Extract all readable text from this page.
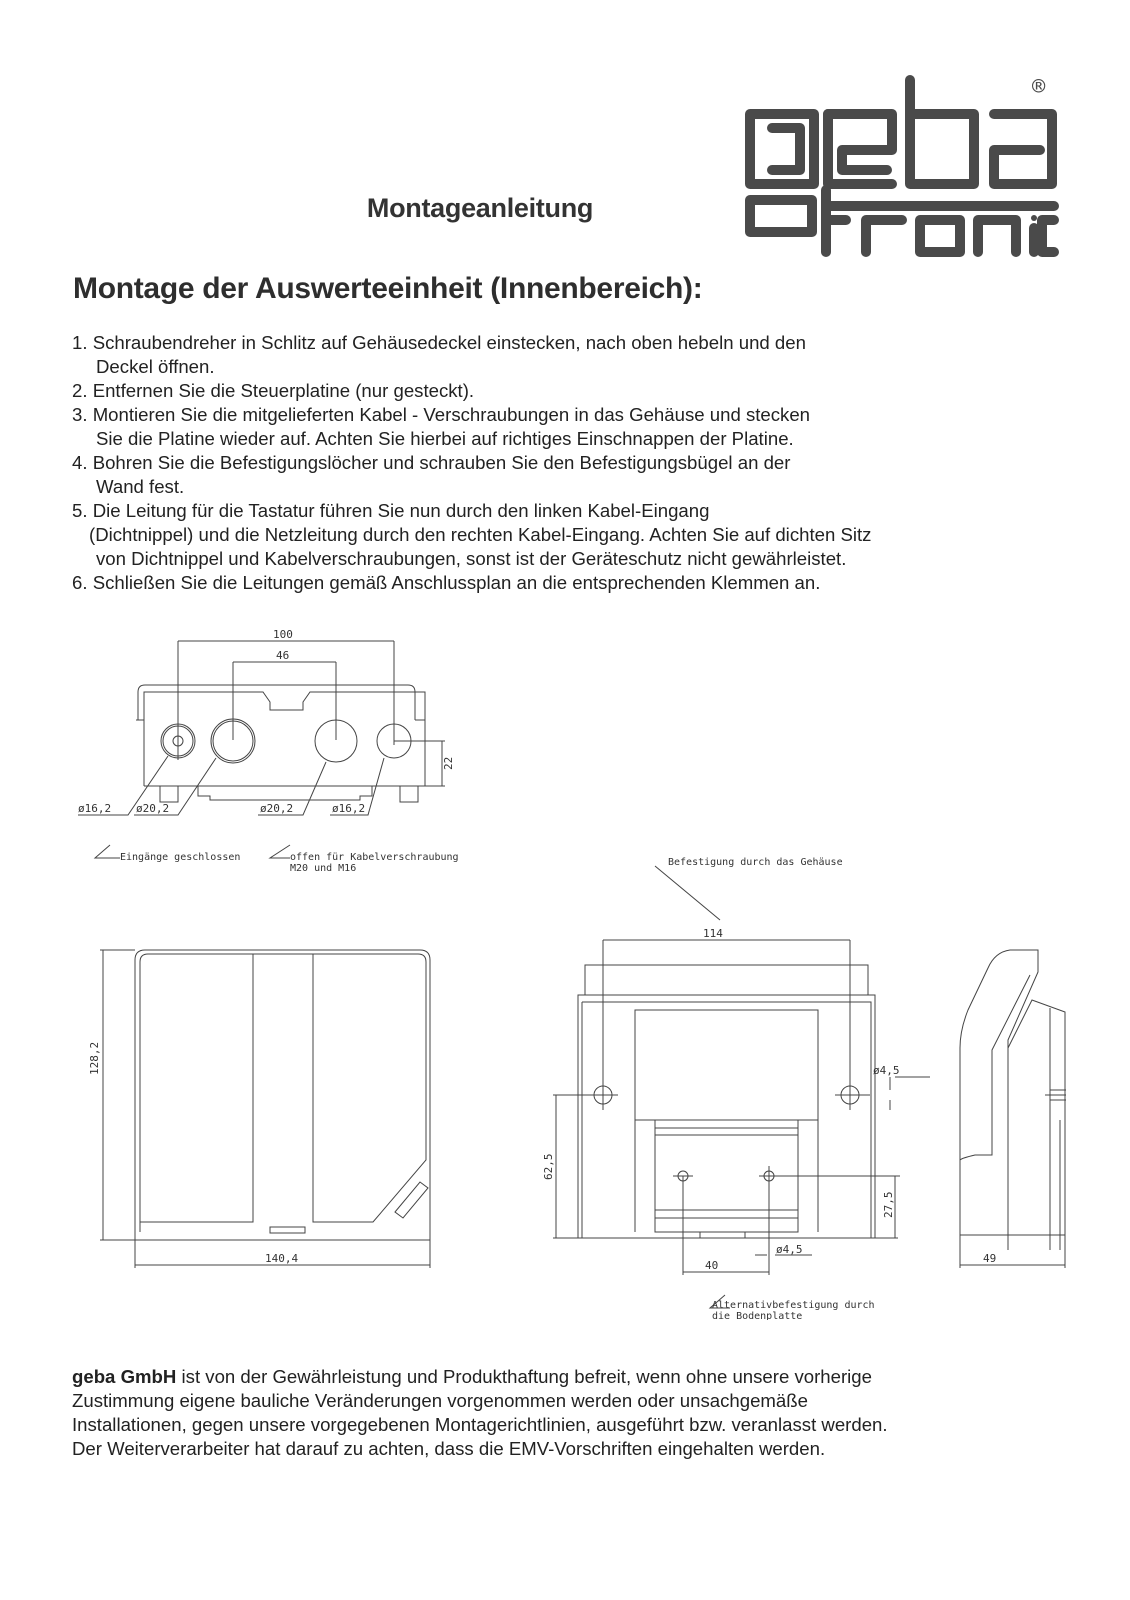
Montageanleitung
®
Montage der Auswerteeinheit (Innenbereich):
1. Schraubendreher in Schlitz auf Gehäusedeckel einstecken, nach oben hebeln und den
Deckel öffnen.
2. Entfernen Sie die Steuerplatine (nur gesteckt).
3. Montieren Sie die mitgelieferten Kabel - Verschraubungen in das Gehäuse und stecken
Sie die Platine wieder auf. Achten Sie hierbei auf richtiges Einschnappen der Platine.
4. Bohren Sie die Befestigungslöcher und schrauben Sie den Befestigungsbügel an der
Wand fest.
5. Die Leitung für die Tastatur führen Sie nun durch den linken Kabel-Eingang
(Dichtnippel) und die Netzleitung durch den rechten Kabel-Eingang. Achten Sie auf dichten Sitz
von Dichtnippel und Kabelverschraubungen, sonst ist der Geräteschutz nicht gewährleistet.
6. Schließen Sie die Leitungen gemäß Anschlussplan an die entsprechenden Klemmen an.
100
46
22
ø16,2 ø20,2	ø20,2	ø16,2
Eingänge geschlossen	offen für Kabelverschraubung
M20 und M16
128,2
140,4
Befestigung durch das Gehäuse
114
ø4,5
62,5
27,5
ø4,5
40
Alternativbefestigung durch
die Bodenplatte
49
geba GmbH ist von der Gewährleistung und Produkthaftung befreit, wenn ohne unsere vorherige
Zustimmung eigene bauliche Veränderungen vorgenommen werden oder unsachgemäße
Installationen, gegen unsere vorgegebenen Montagerichtlinien, ausgeführt bzw. veranlasst werden.
Der Weiterverarbeiter hat darauf zu achten, dass die EMV-Vorschriften eingehalten werden.
